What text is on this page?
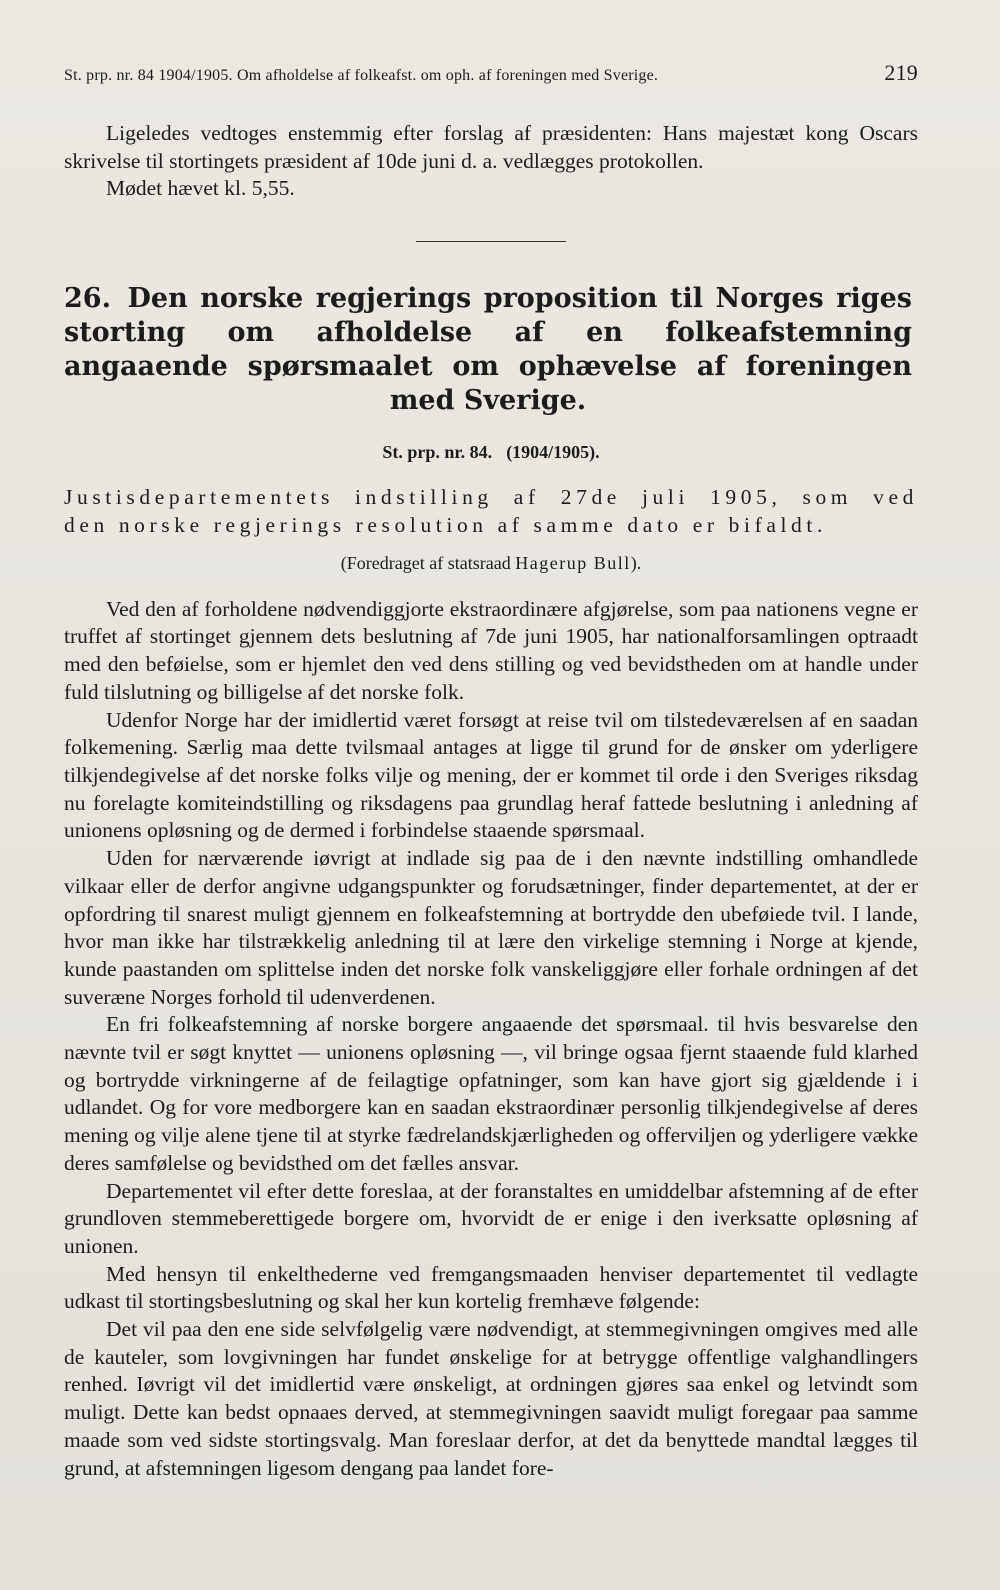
St. prp. nr. 84 1904/1905. Om afholdelse af folkeafst. om oph. af foreningen med Sverige.	219

Ligeledes vedtoges enstemmig efter forslag af præsidenten: Hans majestæt kong Oscars skrivelse til stortingets præsident af 10de juni d. a. vedlægges protokollen.

Mødet hævet kl. 5,55.

26. Den norske regjerings proposition til Norges riges storting om afholdelse af en folkeafstemning angaaende spørsmaalet om ophævelse af foreningen med Sverige.
St. prp. nr. 84. (1904/1905).
Justisdepartementets indstilling af 27de juli 1905, som ved
den norske regjerings resolution af samme dato er bifaldt.
(Foredraget af statsraad Hagerup Bull).

Ved den af forholdene nødvendiggjorte ekstraordinære afgjørelse, som paa nationens vegne er truffet af stortinget gjennem dets beslutning af 7de juni 1905, har nationalforsamlingen optraadt med den beføielse, som er hjemlet den ved dens stilling og ved bevidstheden om at handle under fuld tilslutning og billigelse af det norske folk.

Udenfor Norge har der imidlertid været forsøgt at reise tvil om tilstedeværelsen af en saadan folkemening. Særlig maa dette tvilsmaal antages at ligge til grund for de ønsker om yderligere tilkjendegivelse af det norske folks vilje og mening, der er kommet til orde i den Sveriges riksdag nu forelagte komiteindstilling og riksdagens paa grundlag heraf fattede beslutning i anledning af unionens opløsning og de dermed i forbindelse staaende spørsmaal.

Uden for nærværende iøvrigt at indlade sig paa de i den nævnte indstilling omhandlede vilkaar eller de derfor angivne udgangspunkter og forudsætninger, finder departementet, at der er opfordring til snarest muligt gjennem en folkeafstemning at bortrydde den ubeføiede tvil. I lande, hvor man ikke har tilstrækkelig anledning til at lære den virkelige stemning i Norge at kjende, kunde paastanden om splittelse inden det norske folk vanskeliggjøre eller forhale ordningen af det suveræne Norges forhold til udenverdenen.

En fri folkeafstemning af norske borgere angaaende det spørsmaal. til hvis besvarelse den nævnte tvil er søgt knyttet — unionens opløsning —, vil bringe ogsaa fjernt staaende fuld klarhed og bortrydde virkningerne af de feilagtige opfatninger, som kan have gjort sig gjældende i i udlandet. Og for vore medborgere kan en saadan ekstraordinær personlig tilkjendegivelse af deres mening og vilje alene tjene til at styrke fædrelandskjærligheden og offerviljen og yderligere vække deres samfølelse og bevidsthed om det fælles ansvar.

Departementet vil efter dette foreslaa, at der foranstaltes en umiddelbar afstemning af de efter grundloven stemmeberettigede borgere om, hvorvidt de er enige i den iverksatte opløsning af unionen.

Med hensyn til enkelthederne ved fremgangsmaaden henviser departementet til vedlagte udkast til stortingsbeslutning og skal her kun kortelig fremhæve følgende:

Det vil paa den ene side selvfølgelig være nødvendigt, at stemmegivningen omgives med alle de kauteler, som lovgivningen har fundet ønskelige for at betrygge offentlige valghandlingers renhed. Iøvrigt vil det imidlertid være ønskeligt, at ordningen gjøres saa enkel og letvindt som muligt. Dette kan bedst opnaaes derved, at stemmegivningen saavidt muligt foregaar paa samme maade som ved sidste stortingsvalg. Man foreslaar derfor, at det da benyttede mandtal lægges til grund, at afstemningen ligesom dengang paa landet fore-
